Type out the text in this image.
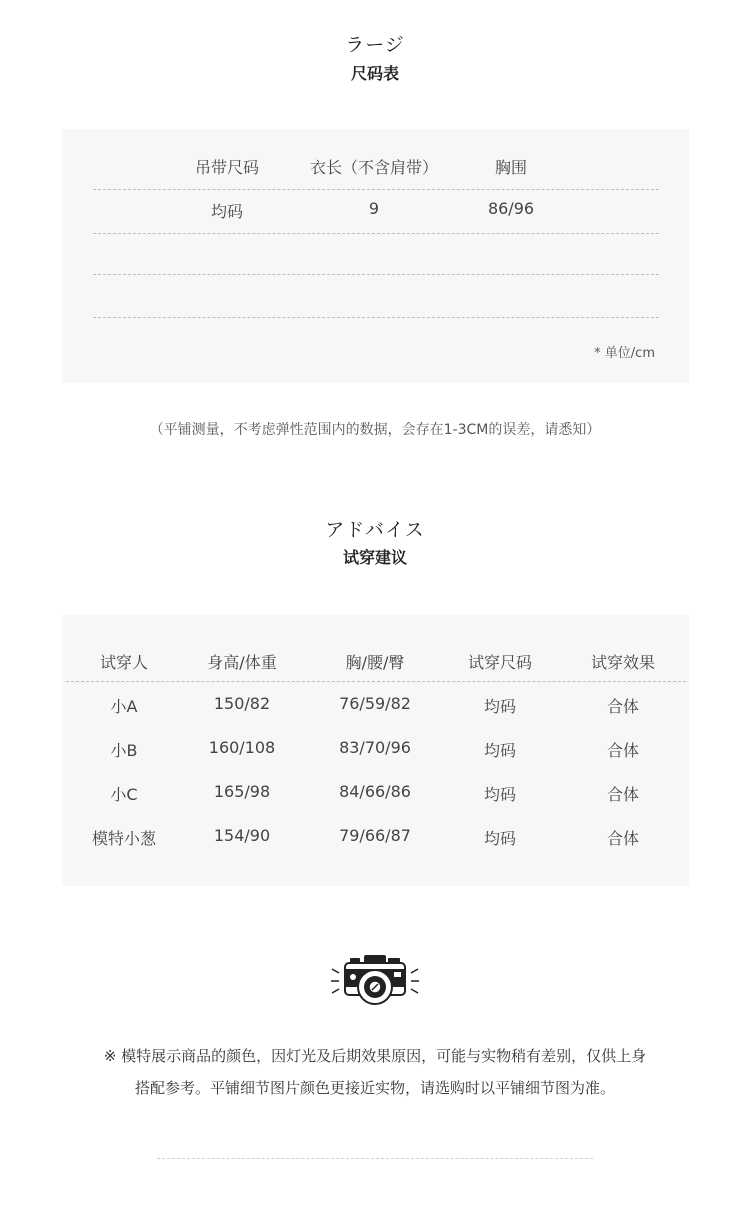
ラージ
尺码表
吊带尺码	衣长（不含肩带）	胸围
均码	9	86/96
* 单位/cm
（平铺测量，不考虑弹性范围内的数据，会存在1-3CM的误差，请悉知）
アドバイス
试穿建议
试穿人	身高/体重	胸/腰/臀	试穿尺码	试穿效果
小A	150/82	76/59/82	均码	合体
小B	160/108	83/70/96	均码	合体
小C	165/98	84/66/86	均码	合体
模特小葱	154/90	79/66/87	均码	合体
※ 模特展示商品的颜色，因灯光及后期效果原因，可能与实物稍有差别，仅供上身
搭配参考。平铺细节图片颜色更接近实物，请选购时以平铺细节图为准。
